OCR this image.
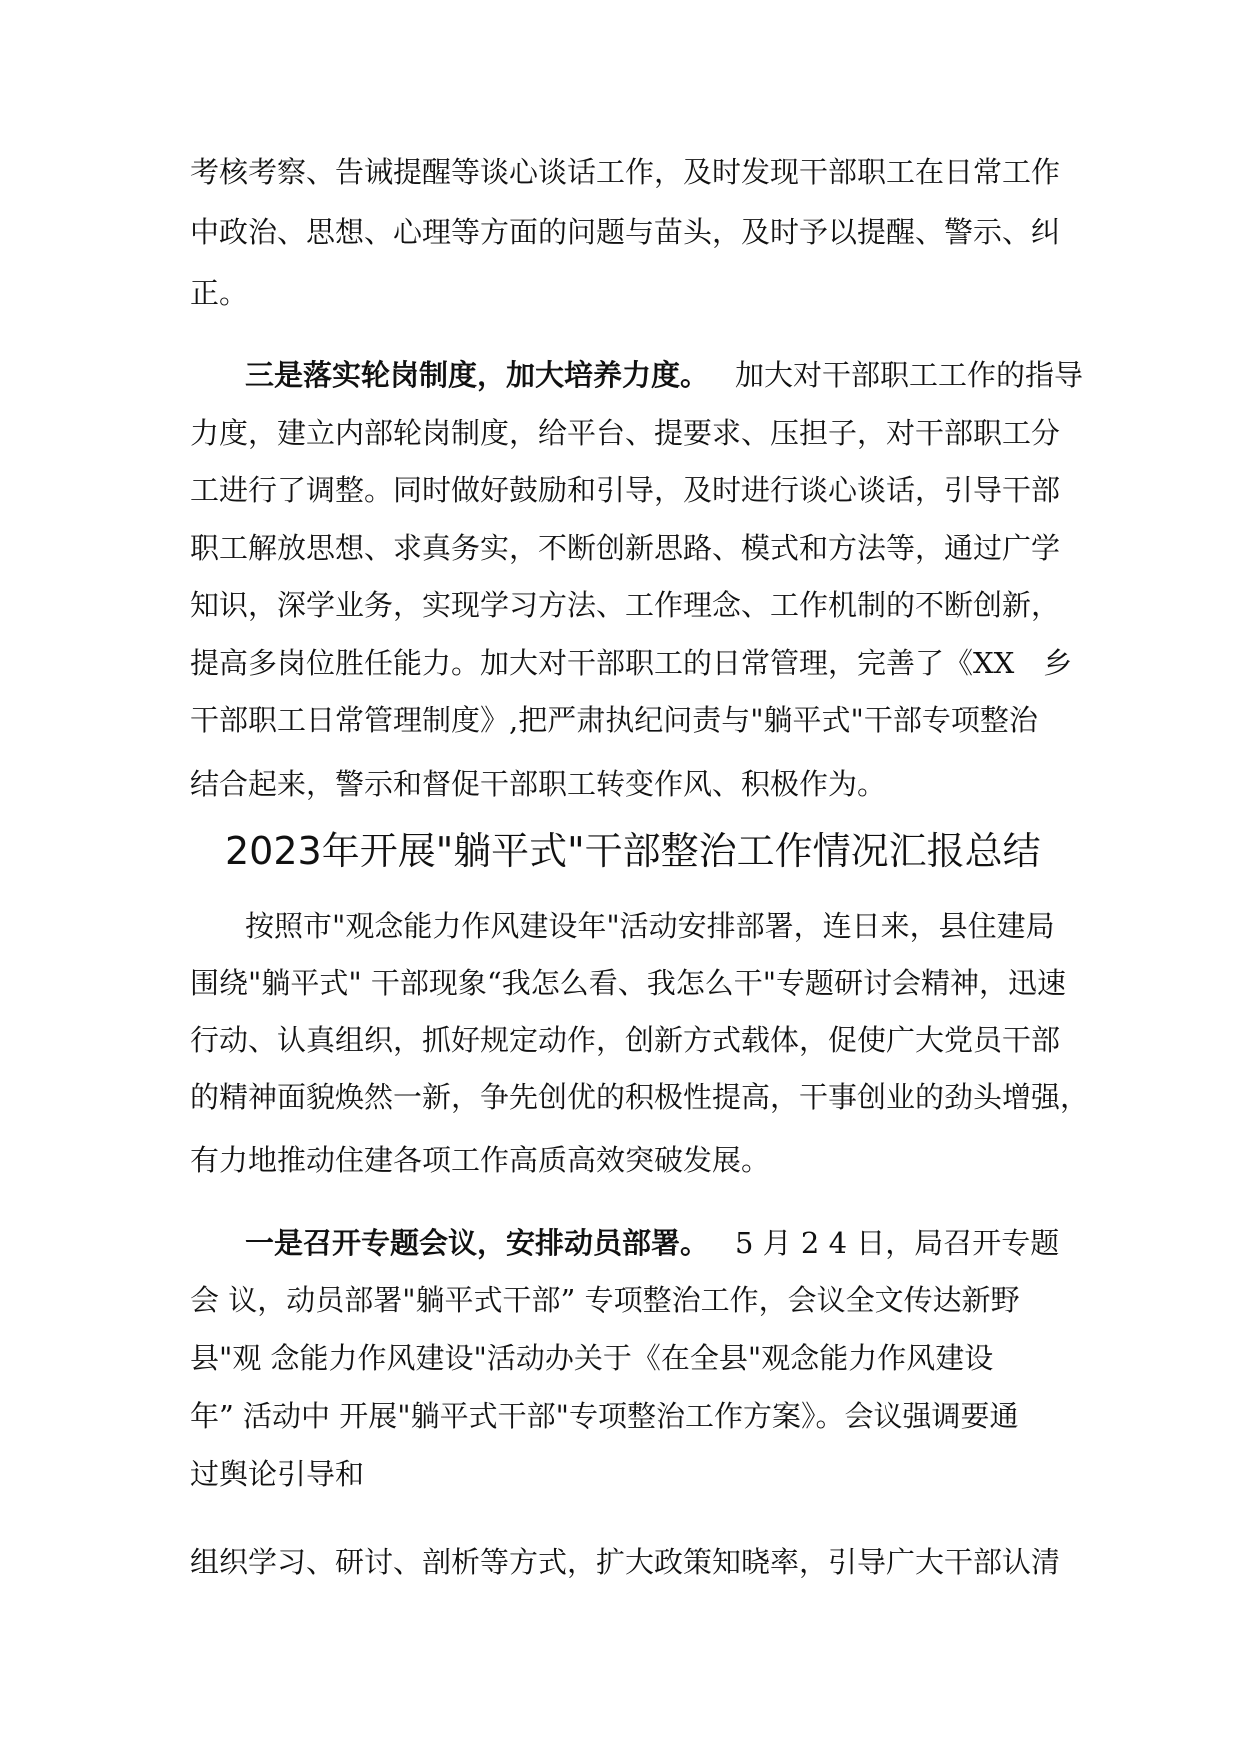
考核考察、告诫提醒等谈心谈话工作，及时发现干部职工在日常工作
中政治、思想、心理等方面的问题与苗头，及时予以提醒、警示、纠
正。
三是落实轮岗制度，加大培养力度。 加大对干部职工工作的指导
力度，建立内部轮岗制度，给平台、提要求、压担子，对干部职工分
工进行了调整。同时做好鼓励和引导，及时进行谈心谈话，引导干部
职工解放思想、求真务实，不断创新思路、模式和方法等，通过广学
知识，深学业务，实现学习方法、工作理念、工作机制的不断创新，
提高多岗位胜任能力。加大对干部职工的日常管理，完善了《XX　乡
干部职工日常管理制度》,把严肃执纪问责与"躺平式"干部专项整治
结合起来，警示和督促干部职工转变作风、积极作为。
2023年开展"躺平式"干部整治工作情况汇报总结
按照市"观念能力作风建设年"活动安排部署，连日来，县住建局
围绕"躺平式" 干部现象“我怎么看、我怎么干"专题研讨会精神，迅速
行动、认真组织，抓好规定动作，创新方式载体，促使广大党员干部
的精神面貌焕然一新，争先创优的积极性提高，干事创业的劲头增强，
有力地推动住建各项工作高质高效突破发展。
一是召开专题会议，安排动员部署。 5 月 2 4 日，局召开专题
会 议，动员部署"躺平式干部” 专项整治工作，会议全文传达新野
县"观 念能力作风建设"活动办关于《在全县"观念能力作风建设
年” 活动中 开展"躺平式干部"专项整治工作方案》。会议强调要通
过舆论引导和
组织学习、研讨、剖析等方式，扩大政策知晓率，引导广大干部认清
